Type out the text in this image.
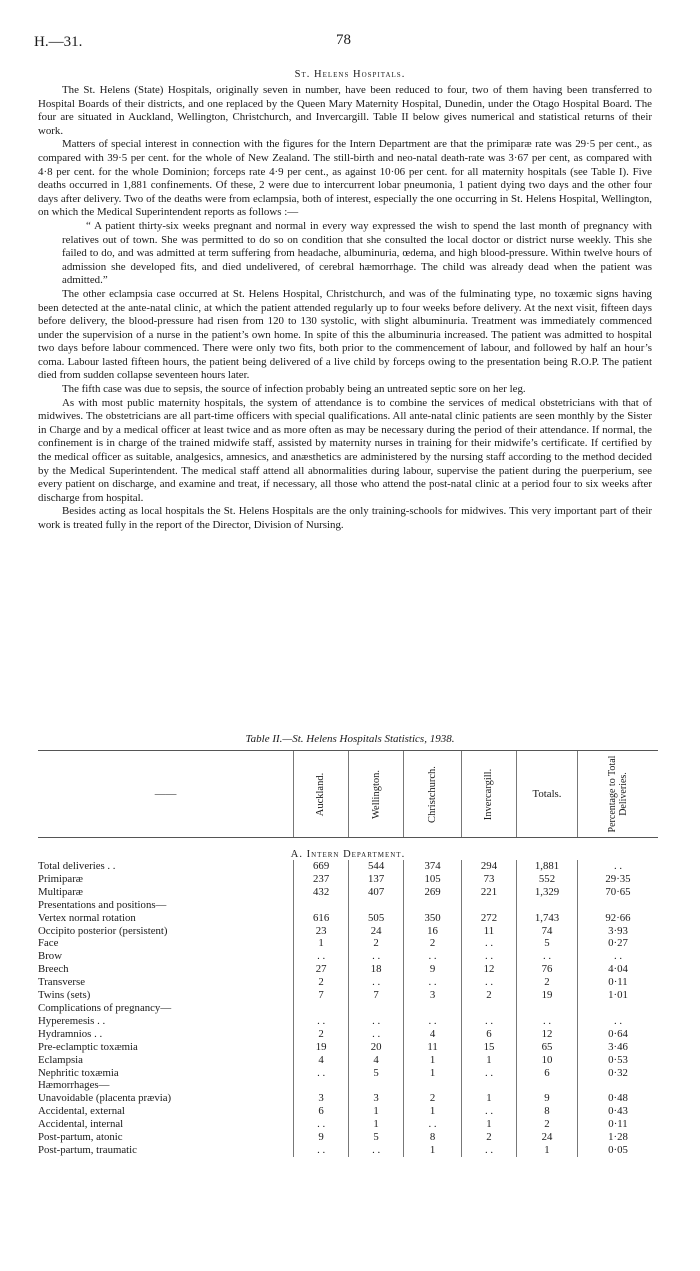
H.—31.	78
St. Helens Hospitals.

The St. Helens (State) Hospitals, originally seven in number, have been reduced to four, two of them having been transferred to Hospital Boards of their districts, and one replaced by the Queen Mary Maternity Hospital, Dunedin, under the Otago Hospital Board. The four are situated in Auckland, Wellington, Christchurch, and Invercargill. Table II below gives numerical and statistical returns of their work.

Matters of special interest in connection with the figures for the Intern Department are that the primiparæ rate was 29·5 per cent., as compared with 39·5 per cent. for the whole of New Zealand. The still-birth and neo-natal death-rate was 3·67 per cent, as compared with 4·8 per cent. for the whole Dominion; forceps rate 4·9 per cent., as against 10·06 per cent. for all maternity hospitals (see Table I). Five deaths occurred in 1,881 confinements. Of these, 2 were due to intercurrent lobar pneumonia, 1 patient dying two days and the other four days after delivery. Two of the deaths were from eclampsia, both of interest, especially the one occurring in St. Helens Hospital, Wellington, on which the Medical Superintendent reports as follows :—

“ A patient thirty-six weeks pregnant and normal in every way expressed the wish to spend the last month of pregnancy with relatives out of town. She was permitted to do so on condition that she consulted the local doctor or district nurse weekly. This she failed to do, and was admitted at term suffering from headache, albuminuria, œdema, and high blood-pressure. Within twelve hours of admission she developed fits, and died undelivered, of cerebral hæmorrhage. The child was already dead when the patient was admitted.”

The other eclampsia case occurred at St. Helens Hospital, Christchurch, and was of the fulminating type, no toxæmic signs having been detected at the ante-natal clinic, at which the patient attended regularly up to four weeks before delivery. At the next visit, fifteen days before delivery, the blood-pressure had risen from 120 to 130 systolic, with slight albuminuria. Treatment was immediately commenced under the supervision of a nurse in the patient’s own home. In spite of this the albuminuria increased. The patient was admitted to hospital two days before labour commenced. There were only two fits, both prior to the commencement of labour, and followed by half an hour’s coma. Labour lasted fifteen hours, the patient being delivered of a live child by forceps owing to the presentation being R.O.P. The patient died from sudden collapse seventeen hours later.

The fifth case was due to sepsis, the source of infection probably being an untreated septic sore on her leg.

As with most public maternity hospitals, the system of attendance is to combine the services of medical obstetricians with that of midwives. The obstetricians are all part-time officers with special qualifications. All ante-natal clinic patients are seen monthly by the Sister in Charge and by a medical officer at least twice and as more often as may be necessary during the period of their attendance. If normal, the confinement is in charge of the trained midwife staff, assisted by maternity nurses in training for their midwife’s certificate. If certified by the medical officer as suitable, analgesics, amnesics, and anæsthetics are administered by the nursing staff according to the method decided by the Medical Superintendent. The medical staff attend all abnormalities during labour, supervise the patient during the puerperium, see every patient on discharge, and examine and treat, if necessary, all those who attend the post-natal clinic at a period four to six weeks after discharge from hospital.

Besides acting as local hospitals the St. Helens Hospitals are the only training-schools for midwives. This very important part of their work is treated fully in the report of the Director, Division of Nursing.

Table II.—St. Helens Hospitals Statistics, 1938.
——	Auckland.	Wellington.	Christchurch.	Invercargill.	Totals.	Percentage to Total Deliveries.
A. Intern Department.						
Total deliveries . .	669	544	374	294	1,881	. .
Primiparæ	237	137	105	73	552	29·35
Multiparæ	432	407	269	221	1,329	70·65
Presentations and positions—						
Vertex normal rotation	616	505	350	272	1,743	92·66
Occipito posterior (persistent)	23	24	16	11	74	3·93
Face	1	2	2	. .	5	0·27
Brow	. .	. .	. .	. .	. .	. .
Breech	27	18	9	12	76	4·04
Transverse	2	. .	. .	. .	2	0·11
Twins (sets)	7	7	3	2	19	1·01
Complications of pregnancy—						
Hyperemesis . .	. .	. .	. .	. .	. .	. .
Hydramnios . .	2	. .	4	6	12	0·64
Pre-eclamptic toxæmia	19	20	11	15	65	3·46
Eclampsia	4	4	1	1	10	0·53
Nephritic toxæmia	. .	5	1	. .	6	0·32
Hæmorrhages—						
Unavoidable (placenta prævia)	3	3	2	1	9	0·48
Accidental, external	6	1	1	. .	8	0·43
Accidental, internal	. .	1	. .	1	2	0·11
Post-partum, atonic	9	5	8	2	24	1·28
Post-partum, traumatic	. .	. .	1	. .	1	0·05
